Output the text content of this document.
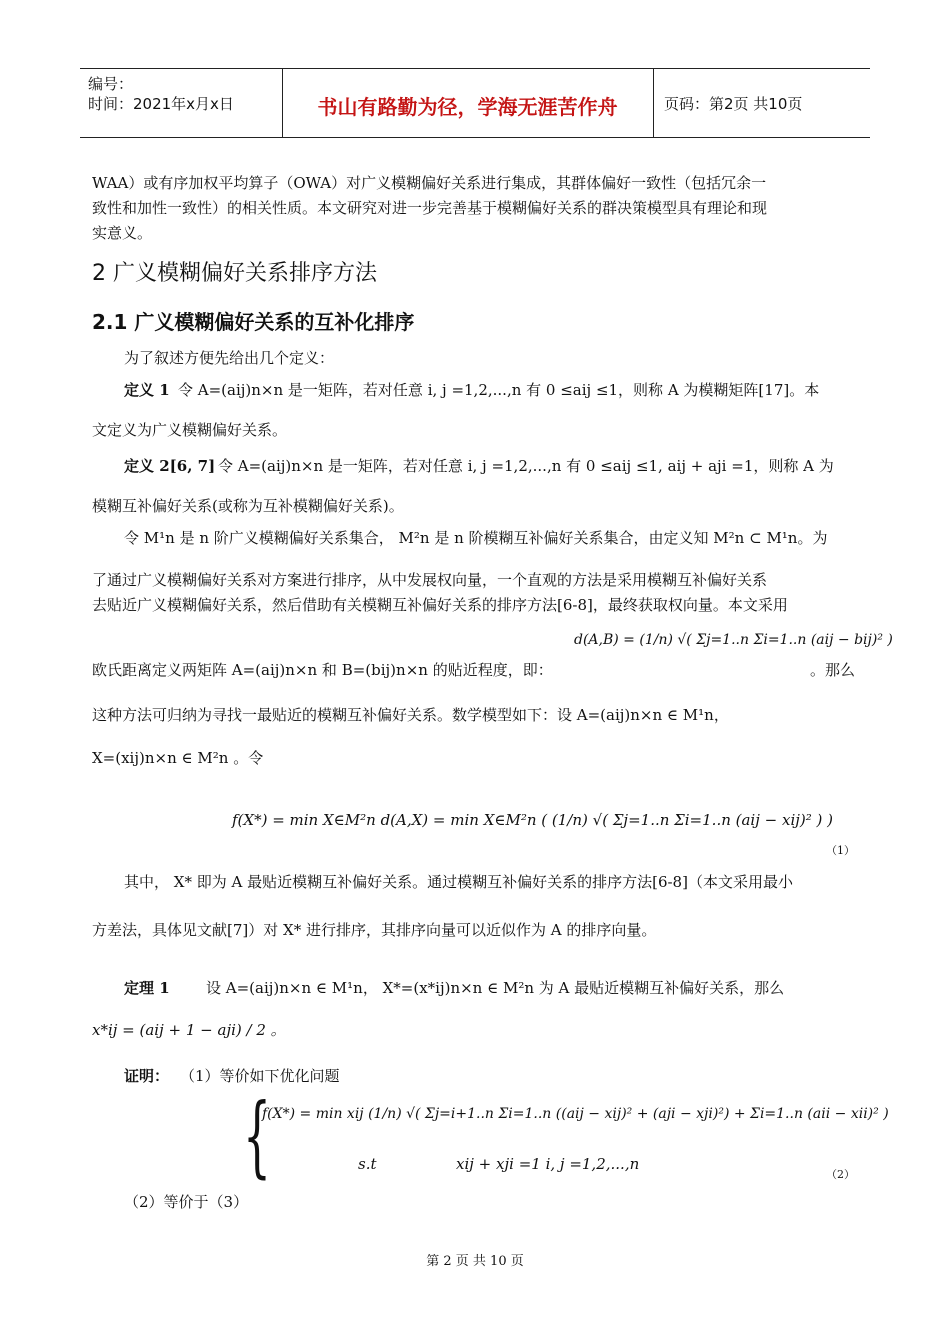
编号：
时间：2021年x月x日	书山有路勤为径，学海无涯苦作舟	页码：第2页 共10页
WAA）或有序加权平均算子（OWA）对广义模糊偏好关系进行集成，其群体偏好一致性（包括冗余一
致性和加性一致性）的相关性质。本文研究对进一步完善基于模糊偏好关系的群决策模型具有理论和现
实意义。
2 广义模糊偏好关系排序方法
2.1 广义模糊偏好关系的互补化排序
为了叙述方便先给出几个定义：
定义 1 令 A=(aij)n×n 是一矩阵，若对任意 i, j =1,2,...,n 有 0 ≤aij ≤1，则称 A 为模糊矩阵[17]。本
文定义为广义模糊偏好关系。
定义 2[6, 7] 令 A=(aij)n×n 是一矩阵，若对任意 i, j =1,2,...,n 有 0 ≤aij ≤1, aij + aji =1，则称 A 为
模糊互补偏好关系(或称为互补模糊偏好关系)。
令 M¹n 是 n 阶广义模糊偏好关系集合， M²n 是 n 阶模糊互补偏好关系集合，由定义知 M²n ⊂ M¹n。为
了通过广义模糊偏好关系对方案进行排序，从中发展权向量，一个直观的方法是采用模糊互补偏好关系
去贴近广义模糊偏好关系，然后借助有关模糊互补偏好关系的排序方法[6-8]，最终获取权向量。本文采用
欧氏距离定义两矩阵 A=(aij)n×n 和 B=(bij)n×n 的贴近程度，即：
d(A,B) = (1/n) √( Σj=1..n Σi=1..n (aij − bij)² )
。那么
这种方法可归纳为寻找一最贴近的模糊互补偏好关系。数学模型如下：设 A=(aij)n×n ∈ M¹n，
X=(xij)n×n ∈ M²n 。令
f(X*) = min X∈M²n d(A,X) = min X∈M²n ( (1/n) √( Σj=1..n Σi=1..n (aij − xij)² ) )
（1）
其中， X* 即为 A 最贴近模糊互补偏好关系。通过模糊互补偏好关系的排序方法[6-8]（本文采用最小
方差法，具体见文献[7]）对 X* 进行排序，其排序向量可以近似作为 A 的排序向量。
定理 1 设 A=(aij)n×n ∈ M¹n， X*=(x*ij)n×n ∈ M²n 为 A 最贴近模糊互补偏好关系，那么
x*ij = (aij + 1 − aji) / 2 。
证明： （1）等价如下优化问题
{
f(X*) = min xij (1/n) √( Σj=i+1..n Σi=1..n ((aij − xij)² + (aji − xji)²) + Σi=1..n (aii − xii)² )
s.t	xij + xji =1 i, j =1,2,...,n
（2）
（2）等价于（3）
第 2 页 共 10 页
